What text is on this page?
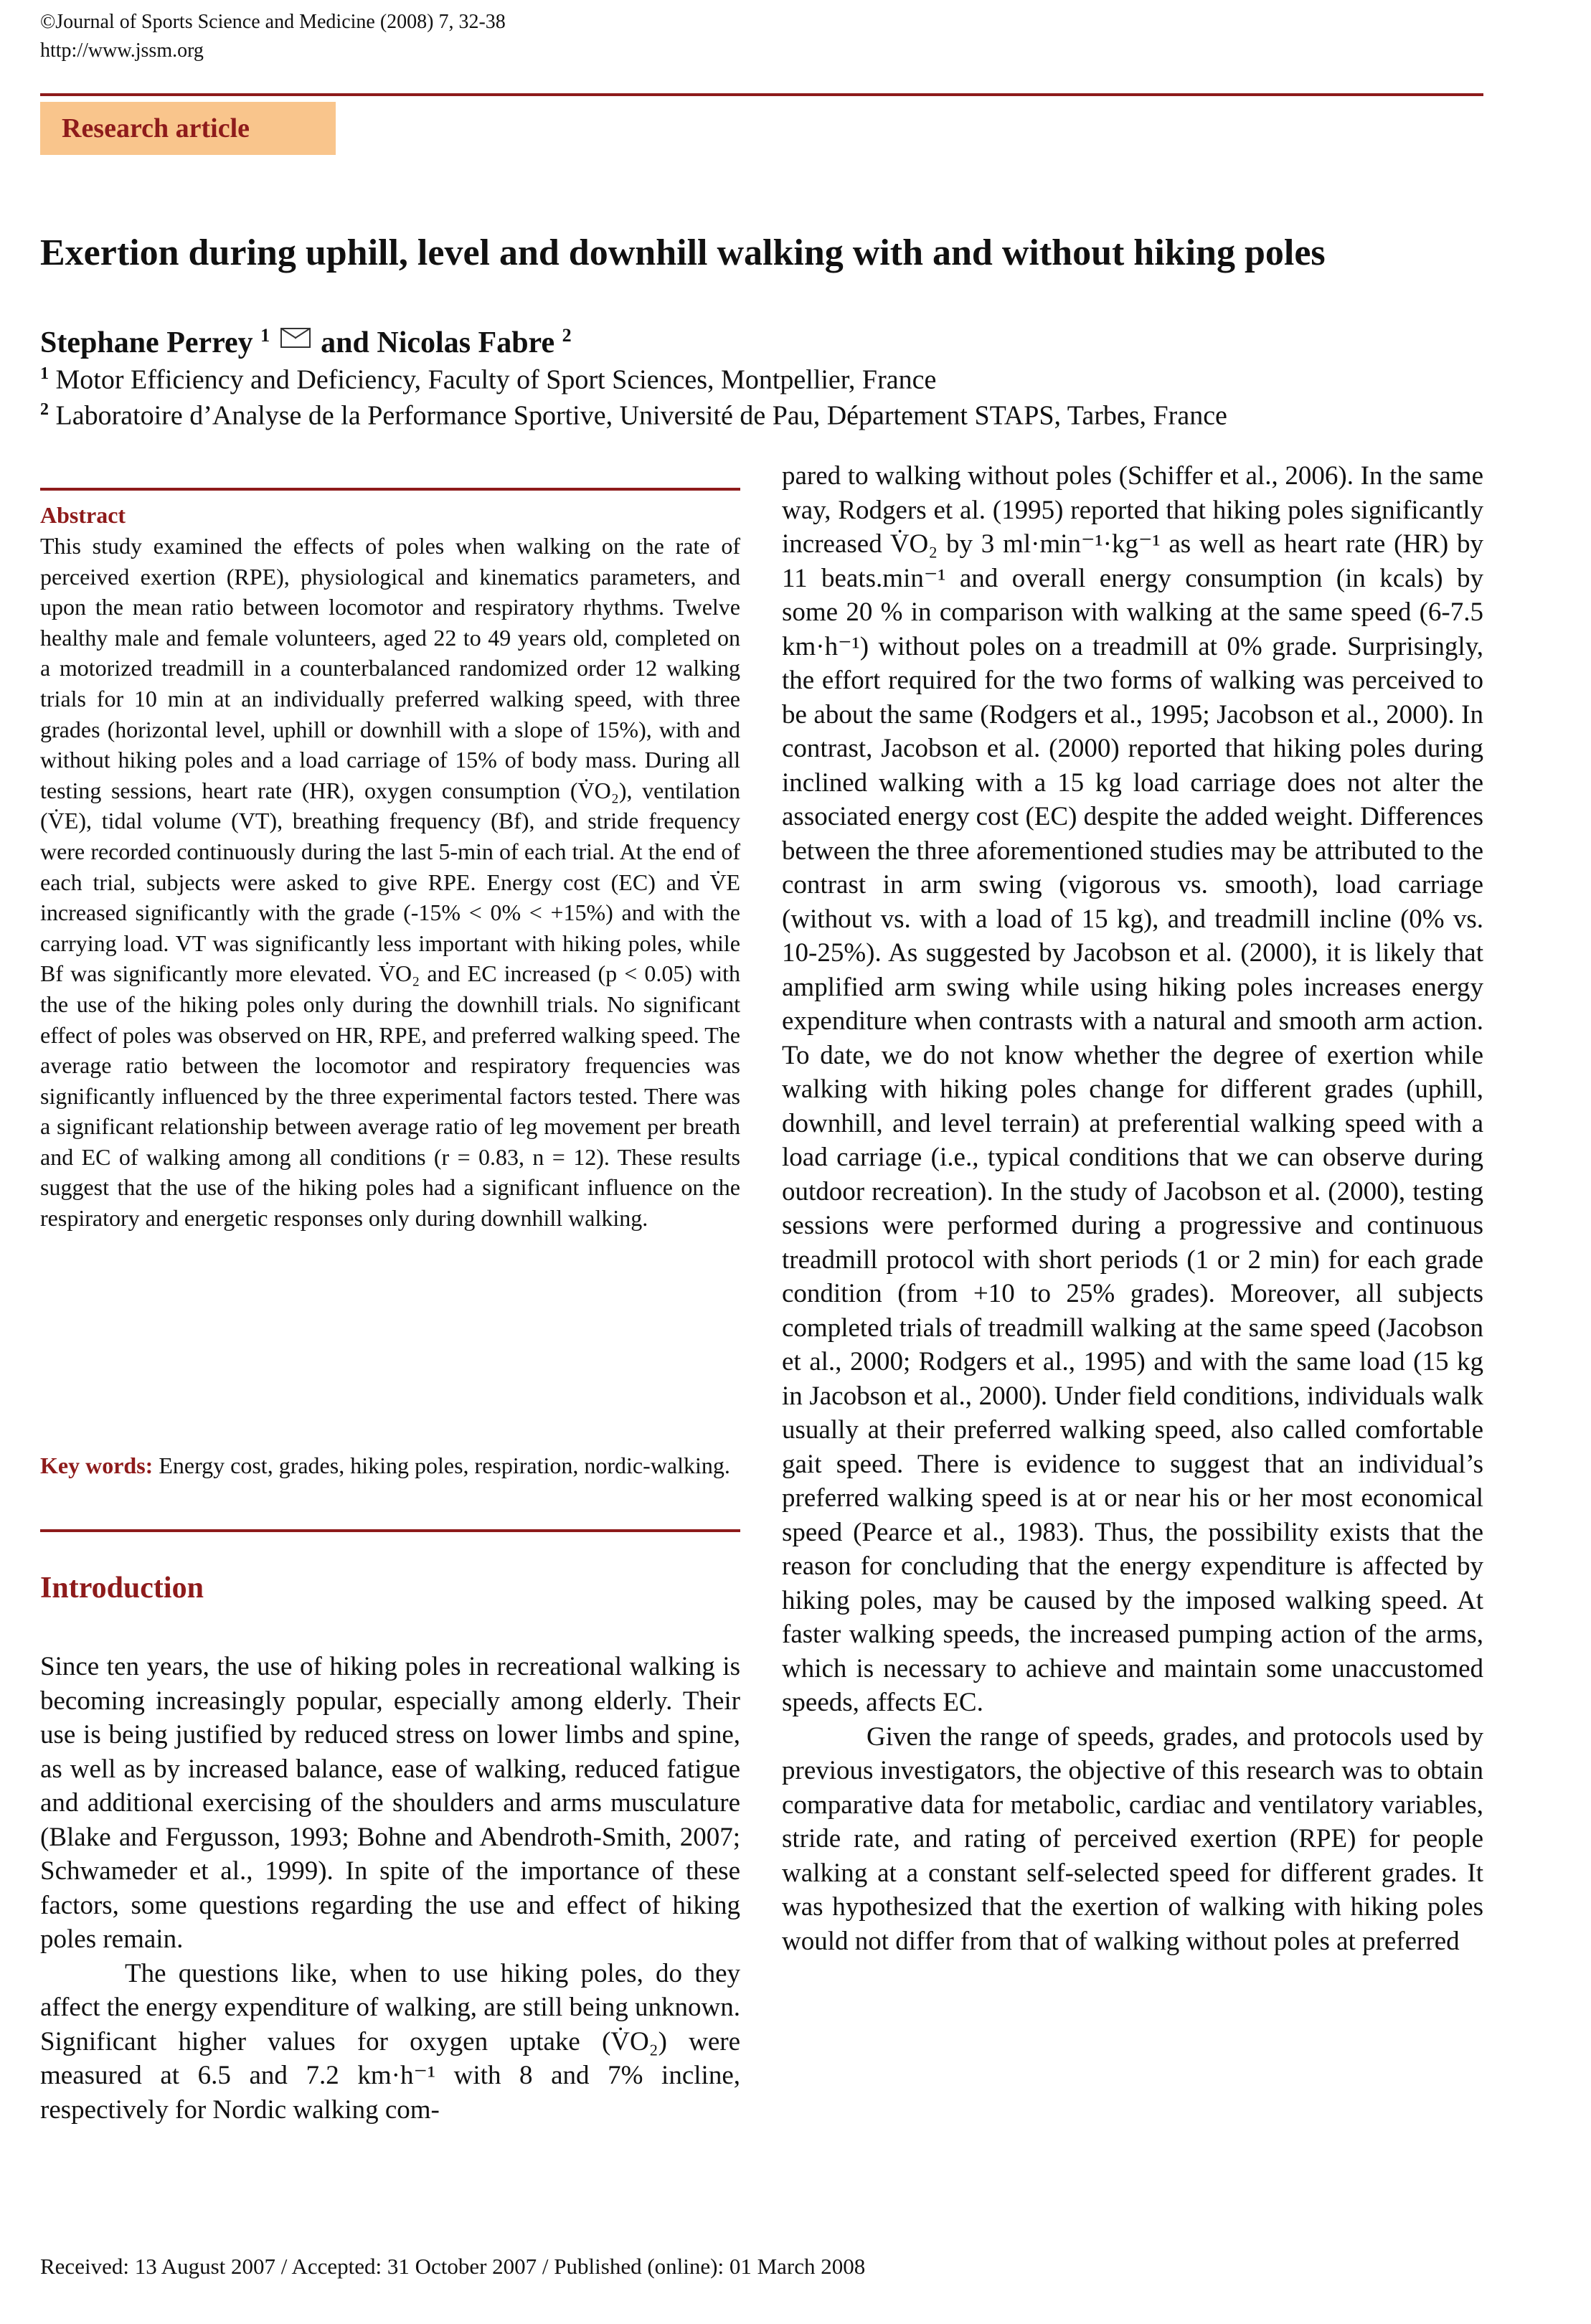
©Journal of Sports Science and Medicine (2008) 7, 32-38
http://www.jssm.org
Research article
Exertion during uphill, level and downhill walking with and without hiking poles
Stephane Perrey $^1$ and Nicolas Fabre $^2$
$^1$ Motor Efficiency and Deficiency, Faculty of Sport Sciences, Montpellier, France
$^2$ Laboratoire d’Analyse de la Performance Sportive, Université de Pau, Département STAPS, Tarbes, France
Abstract

This study examined the effects of poles when walking on the rate of perceived exertion (RPE), physiological and kinematics parameters, and upon the mean ratio between locomotor and respiratory rhythms. Twelve healthy male and female volunteers, aged 22 to 49 years old, completed on a motorized treadmill in a counterbalanced randomized order 12 walking trials for 10 min at an individually preferred walking speed, with three grades (horizontal level, uphill or downhill with a slope of 15%), with and without hiking poles and a load carriage of 15% of body mass. During all testing sessions, heart rate (HR), oxygen consumption (V̇O₂), ventilation (V̇E), tidal volume (VT), breathing frequency (Bf), and stride frequency were recorded continuously during the last 5-min of each trial. At the end of each trial, subjects were asked to give RPE. Energy cost (EC) and V̇E increased significantly with the grade (-15% < 0% < +15%) and with the carrying load. VT was significantly less important with hiking poles, while Bf was significantly more elevated. V̇O₂ and EC increased (p < 0.05) with the use of the hiking poles only during the downhill trials. No significant effect of poles was observed on HR, RPE, and preferred walking speed. The average ratio between the locomotor and respiratory frequencies was significantly influenced by the three experimental factors tested. There was a significant relationship between average ratio of leg movement per breath and EC of walking among all conditions (r = 0.83, n = 12). These results suggest that the use of the hiking poles had a significant influence on the respiratory and energetic responses only during downhill walking.

Key words: Energy cost, grades, hiking poles, respiration, nordic-walking.

Introduction

Since ten years, the use of hiking poles in recreational walking is becoming increasingly popular, especially among elderly. Their use is being justified by reduced stress on lower limbs and spine, as well as by increased balance, ease of walking, reduced fatigue and additional exercising of the shoulders and arms musculature (Blake and Fergusson, 1993; Bohne and Abendroth-Smith, 2007; Schwameder et al., 1999). In spite of the importance of these factors, some questions regarding the use and effect of hiking poles remain.

The questions like, when to use hiking poles, do they affect the energy expenditure of walking, are still being unknown. Significant higher values for oxygen uptake (V̇O₂) were measured at 6.5 and 7.2 km·h⁻¹ with 8 and 7% incline, respectively for Nordic walking com-

pared to walking without poles (Schiffer et al., 2006). In the same way, Rodgers et al. (1995) reported that hiking poles significantly increased V̇O₂ by 3 ml·min⁻¹·kg⁻¹ as well as heart rate (HR) by 11 beats.min⁻¹ and overall energy consumption (in kcals) by some 20 % in comparison with walking at the same speed (6-7.5 km·h⁻¹) without poles on a treadmill at 0% grade. Surprisingly, the effort required for the two forms of walking was perceived to be about the same (Rodgers et al., 1995; Jacobson et al., 2000). In contrast, Jacobson et al. (2000) reported that hiking poles during inclined walking with a 15 kg load carriage does not alter the associated energy cost (EC) despite the added weight. Differences between the three aforementioned studies may be attributed to the contrast in arm swing (vigorous vs. smooth), load carriage (without vs. with a load of 15 kg), and treadmill incline (0% vs. 10-25%). As suggested by Jacobson et al. (2000), it is likely that amplified arm swing while using hiking poles increases energy expenditure when contrasts with a natural and smooth arm action. To date, we do not know whether the degree of exertion while walking with hiking poles change for different grades (uphill, downhill, and level terrain) at preferential walking speed with a load carriage (i.e., typical conditions that we can observe during outdoor recreation). In the study of Jacobson et al. (2000), testing sessions were performed during a progressive and continuous treadmill protocol with short periods (1 or 2 min) for each grade condition (from +10 to 25% grades). Moreover, all subjects completed trials of treadmill walking at the same speed (Jacobson et al., 2000; Rodgers et al., 1995) and with the same load (15 kg in Jacobson et al., 2000). Under field conditions, individuals walk usually at their preferred walking speed, also called comfortable gait speed. There is evidence to suggest that an individual’s preferred walking speed is at or near his or her most economical speed (Pearce et al., 1983). Thus, the possibility exists that the reason for concluding that the energy expenditure is affected by hiking poles, may be caused by the imposed walking speed. At faster walking speeds, the increased pumping action of the arms, which is necessary to achieve and maintain some unaccustomed speeds, affects EC.

Given the range of speeds, grades, and protocols used by previous investigators, the objective of this research was to obtain comparative data for metabolic, cardiac and ventilatory variables, stride rate, and rating of perceived exertion (RPE) for people walking at a constant self-selected speed for different grades. It was hypothesized that the exertion of walking with hiking poles would not differ from that of walking without poles at preferred

Received: 13 August 2007 / Accepted: 31 October 2007 / Published (online): 01 March 2008
